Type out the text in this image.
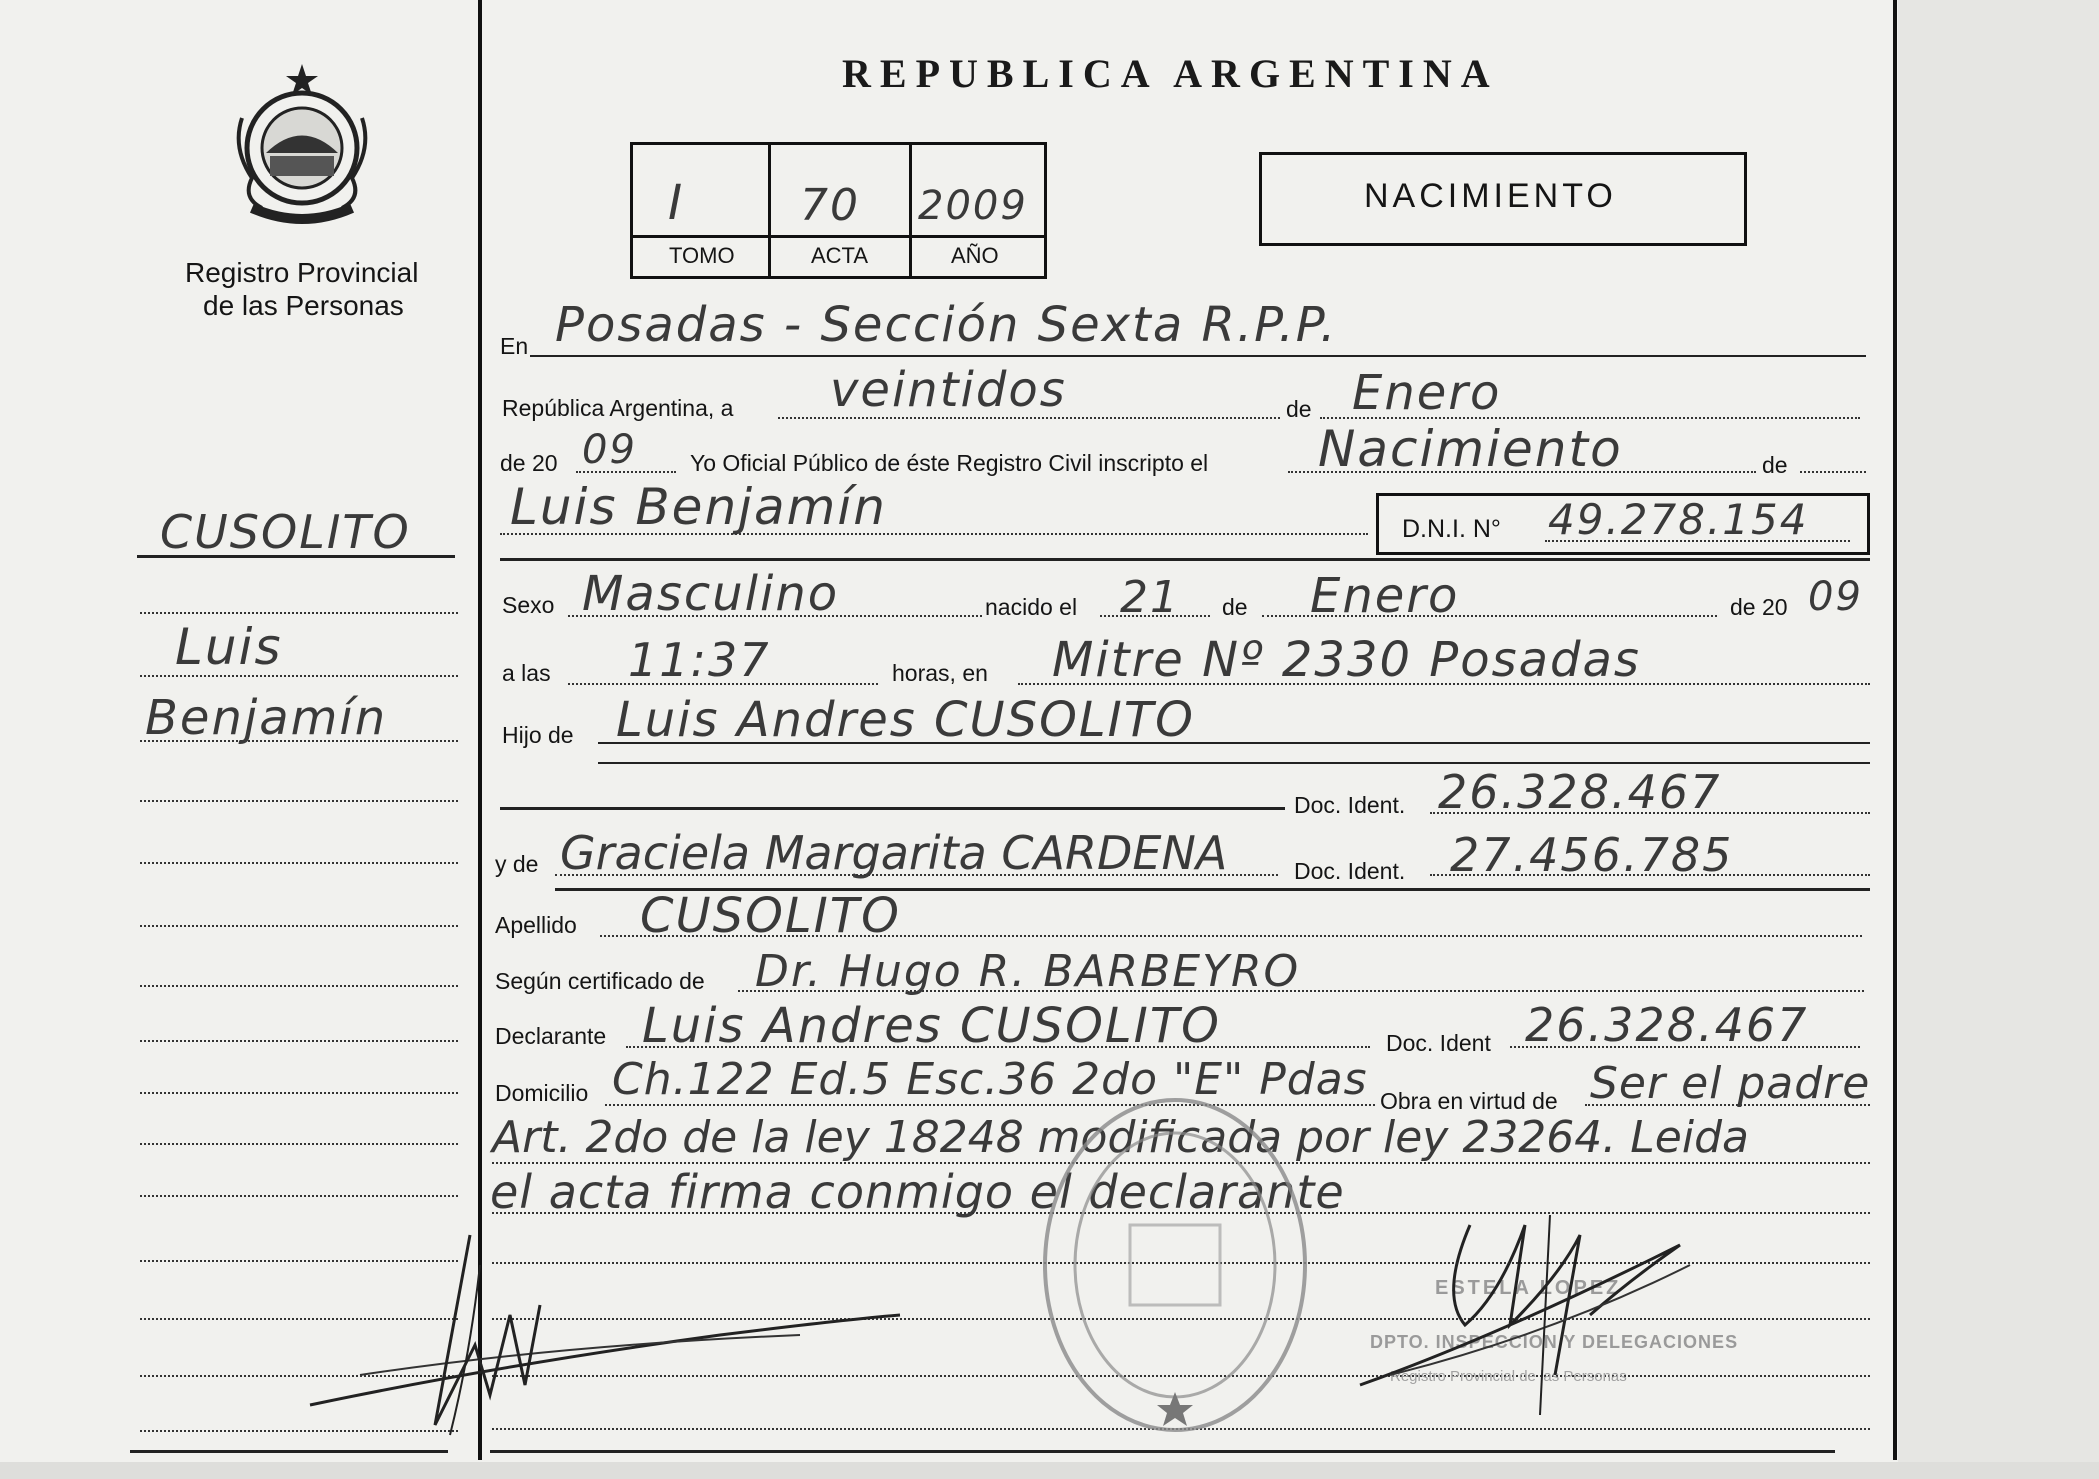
Registro Provincial
de las Personas
REPUBLICA ARGENTINA
I	70 2009
TOMO	ACTA	AÑO
NACIMIENTO
CUSOLITO
Luis
Benjamín
En Posadas - Sección Sexta R.P.P.
República Argentina, a veintidos	de Enero
de 20 09 Yo Oficial Público de éste Registro Civil inscripto el Nacimiento	de
Luis Benjamín	D.N.I. N° 49.278.154
Sexo Masculino	nacido el 21 de Enero	de 20 09
a las 11:37	horas, en Mitre Nº 2330 Posadas
Hijo de Luis Andres CUSOLITO
Doc. Ident. 26.328.467
y de Graciela Margarita CARDENA	Doc. Ident. 27.456.785
Apellido CUSOLITO
Según certificado de Dr. Hugo R. BARBEYRO
Declarante Luis Andres CUSOLITO	Doc. Ident 26.328.467
Domicilio Ch.122 Ed.5 Esc.36 2do "E" Pdas Obra en virtud de Ser el padre
Art. 2do de la ley 18248 modificada por ley 23264. Leida
el acta firma conmigo el declarante
ESTELA LOPEZ
DPTO. INSPECCION Y DELEGACIONES
Registro Provincial de las Personas
